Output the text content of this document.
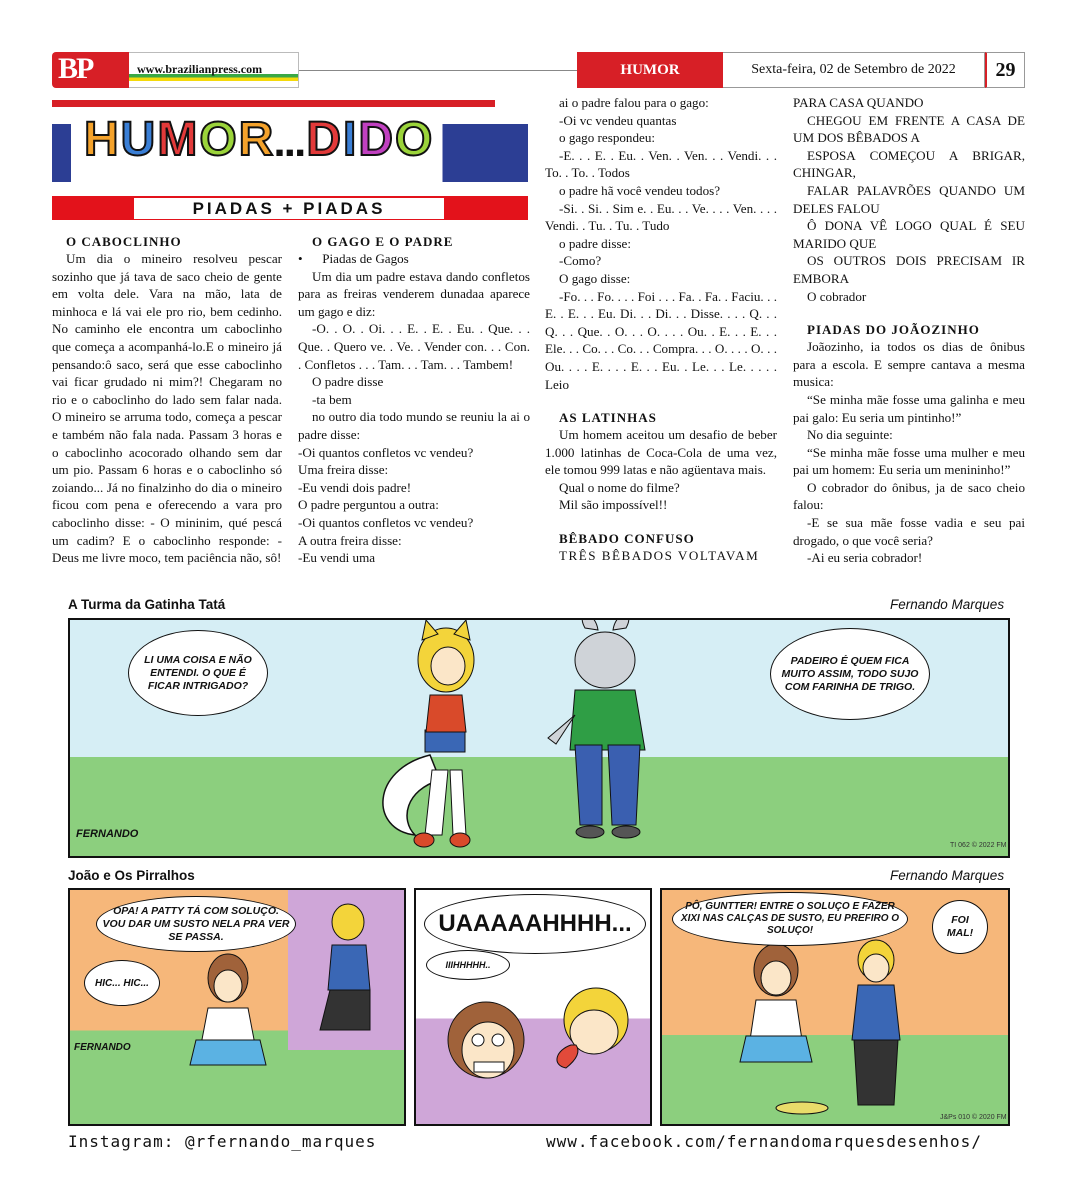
BP	www.brazilianpress.com	HUMOR	Sexta-feira, 02 de Setembro de 2022	29
HUMOR...DIDO
PIADAS + PIADAS
O CABOCLINHO

Um dia o mineiro resolveu pescar sozinho que já tava de saco cheio de gente em volta dele. Vara na mão, lata de minhoca e lá vai ele pro rio, bem cedinho. No caminho ele encontra um caboclinho que começa a acompanhá-lo.E o mineiro já pensando:ô saco, será que esse caboclinho vai ficar grudado ni mim?! Chegaram no rio e o caboclinho do lado sem falar nada. O mineiro se arruma todo, começa a pescar e também não fala nada. Passam 3 horas e o caboclinho acocorado olhando sem dar um pio. Passam 6 horas e o caboclinho só zoiando... Já no finalzinho do dia o mineiro ficou com pena e oferecendo a vara pro caboclinho disse: - O mininim, qué pescá um cadim? E o caboclinho responde: - Deus me livre moco, tem paciência não, sô!

O GAGO E O PADRE

•      Piadas de Gagos

Um dia um padre estava dando confletos para as freiras venderem dunadaa aparece um gago e diz:

-O. . O. . Oi. . . E. . E. . Eu. . Que. . . Que. . Quero ve. . Ve. . Vender con. . . Con. . Confletos . . . Tam. . . Tam. . . Tambem!

O padre disse

-ta bem

no outro dia todo mundo se reuniu la ai o padre disse:

-Oi quantos confletos vc vendeu?

Uma freira disse:

-Eu vendi dois padre!

O padre perguntou a outra:

-Oi quantos confletos vc vendeu?

A outra freira disse:

-Eu vendi uma

ai o padre falou para o gago:

-Oi vc vendeu quantas

o gago respondeu:

-E. . . E. . Eu. . Ven. . Ven. . . Vendi. . . To. . To. . Todos

o padre hã você vendeu todos?

-Si. . Si. . Sim e. . Eu. . . Ve. . . . Ven. . . . Vendi. . Tu. . Tu. . Tudo

o padre disse:

-Como?

O gago disse:

-Fo. . . Fo. . . . Foi . . . Fa. . Fa. . Faciu. . . E. . E. . . Eu. Di. . . Di. . . Disse. . . . Q. . . Q. . . Que. . O. . . O. . . . Ou. . E. . . E. . . Ele. . . Co. . . Co. . . Compra. . . O. . . . O. . . Ou. . . . E. . . . E. . . Eu. . Le. . . Le. . . . . Leio

AS LATINHAS

Um homem aceitou um desafio de beber 1.000 latinhas de Coca-Cola de uma vez, ele tomou 999 latas e não agüentava mais.

Qual o nome do filme?

Mil são impossível!!

BÊBADO CONFUSO

TRÊS BÊBADOS VOLTAVAM

PARA CASA QUANDO

CHEGOU EM FRENTE A CASA DE UM DOS BÊBADOS A

ESPOSA COMEÇOU A BRIGAR, CHINGAR,

FALAR PALAVRÕES QUANDO UM DELES FALOU

Ô DONA VÊ LOGO QUAL É SEU MARIDO QUE

OS OUTROS DOIS PRECISAM IR EMBORA

O cobrador

PIADAS DO JOÃOZINHO

Joãozinho, ia todos os dias de ônibus para a escola. E sempre cantava a mesma musica:

“Se minha mãe fosse uma galinha e meu pai galo: Eu seria um pintinho!”

No dia seguinte:

“Se minha mãe fosse uma mulher e meu pai um homem: Eu seria um menininho!”

O cobrador do ônibus, ja de saco cheio falou:

-E se sua mãe fosse vadia e seu pai drogado, o que você seria?

-Ai eu seria cobrador!

A Turma da Gatinha Tatá	Fernando Marques
LI UMA COISA E NÃO ENTENDI. O QUE É FICAR INTRIGADO?
PADEIRO É QUEM FICA MUITO ASSIM, TODO SUJO COM FARINHA DE TRIGO.
FERNANDO
TI 062 © 2022 FM
João e Os Pirralhos	Fernando Marques
OPA! A PATTY TÁ COM SOLUÇO. VOU DAR UM SUSTO NELA PRA VER SE PASSA.
HIC... HIC...
FERNANDO
UAAAAAHHHH...
IIIHHHHH..
PÔ, GUNTTER! ENTRE O SOLUÇO E FAZER XIXI NAS CALÇAS DE SUSTO, EU PREFIRO O SOLUÇO!
FOI MAL!
J&Ps 010 © 2020 FM
Instagram: @rfernando_marques	www.facebook.com/fernandomarquesdesenhos/
